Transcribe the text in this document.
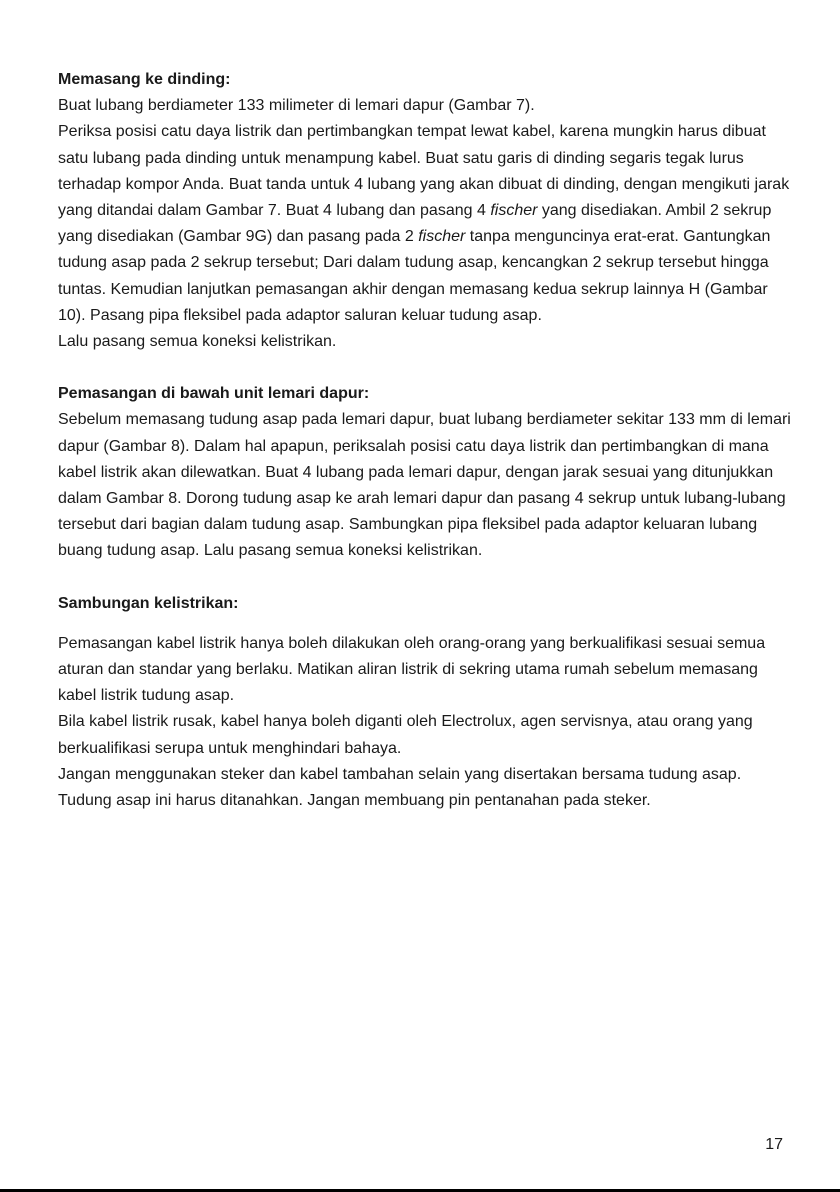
Memasang ke dinding:

Buat lubang berdiameter 133 milimeter di lemari dapur (Gambar 7).

Periksa posisi catu daya listrik dan pertimbangkan tempat lewat kabel, karena mungkin harus dibuat satu lubang pada dinding untuk menampung kabel. Buat satu garis di dinding segaris tegak lurus terhadap kompor Anda. Buat tanda untuk 4 lubang yang akan dibuat di dinding, dengan mengikuti jarak yang ditandai dalam Gambar 7. Buat 4 lubang dan pasang 4 fischer yang disediakan. Ambil 2 sekrup yang disediakan (Gambar 9G) dan pasang pada 2 fischer tanpa menguncinya erat-erat. Gantungkan tudung asap pada 2 sekrup tersebut; Dari dalam tudung asap, kencangkan 2 sekrup tersebut hingga tuntas. Kemudian lanjutkan pemasangan akhir dengan memasang kedua sekrup lainnya H (Gambar 10). Pasang pipa fleksibel pada adaptor saluran keluar tudung asap.

Lalu pasang semua koneksi kelistrikan.

Pemasangan di bawah unit lemari dapur:

Sebelum memasang tudung asap pada lemari dapur, buat lubang berdiameter sekitar 133 mm di lemari dapur (Gambar 8). Dalam hal apapun, periksalah posisi catu daya listrik dan pertimbangkan di mana kabel listrik akan dilewatkan. Buat 4 lubang pada lemari dapur, dengan jarak sesuai yang ditunjukkan dalam Gambar 8. Dorong tudung asap ke arah lemari dapur dan pasang 4 sekrup untuk lubang-lubang tersebut dari bagian dalam tudung asap. Sambungkan pipa fleksibel pada adaptor keluaran lubang buang tudung asap. Lalu pasang semua koneksi kelistrikan.

Sambungan kelistrikan:

Pemasangan kabel listrik hanya boleh dilakukan oleh orang-orang yang berkualifikasi sesuai semua aturan dan standar yang berlaku. Matikan aliran listrik di sekring utama rumah sebelum memasang kabel listrik tudung asap.

Bila kabel listrik rusak, kabel hanya boleh diganti oleh Electrolux, agen servisnya, atau orang yang berkualifikasi serupa untuk menghindari bahaya.

Jangan menggunakan steker dan kabel tambahan selain yang disertakan bersama tudung asap.

Tudung asap ini harus ditanahkan. Jangan membuang pin pentanahan pada steker.

17
